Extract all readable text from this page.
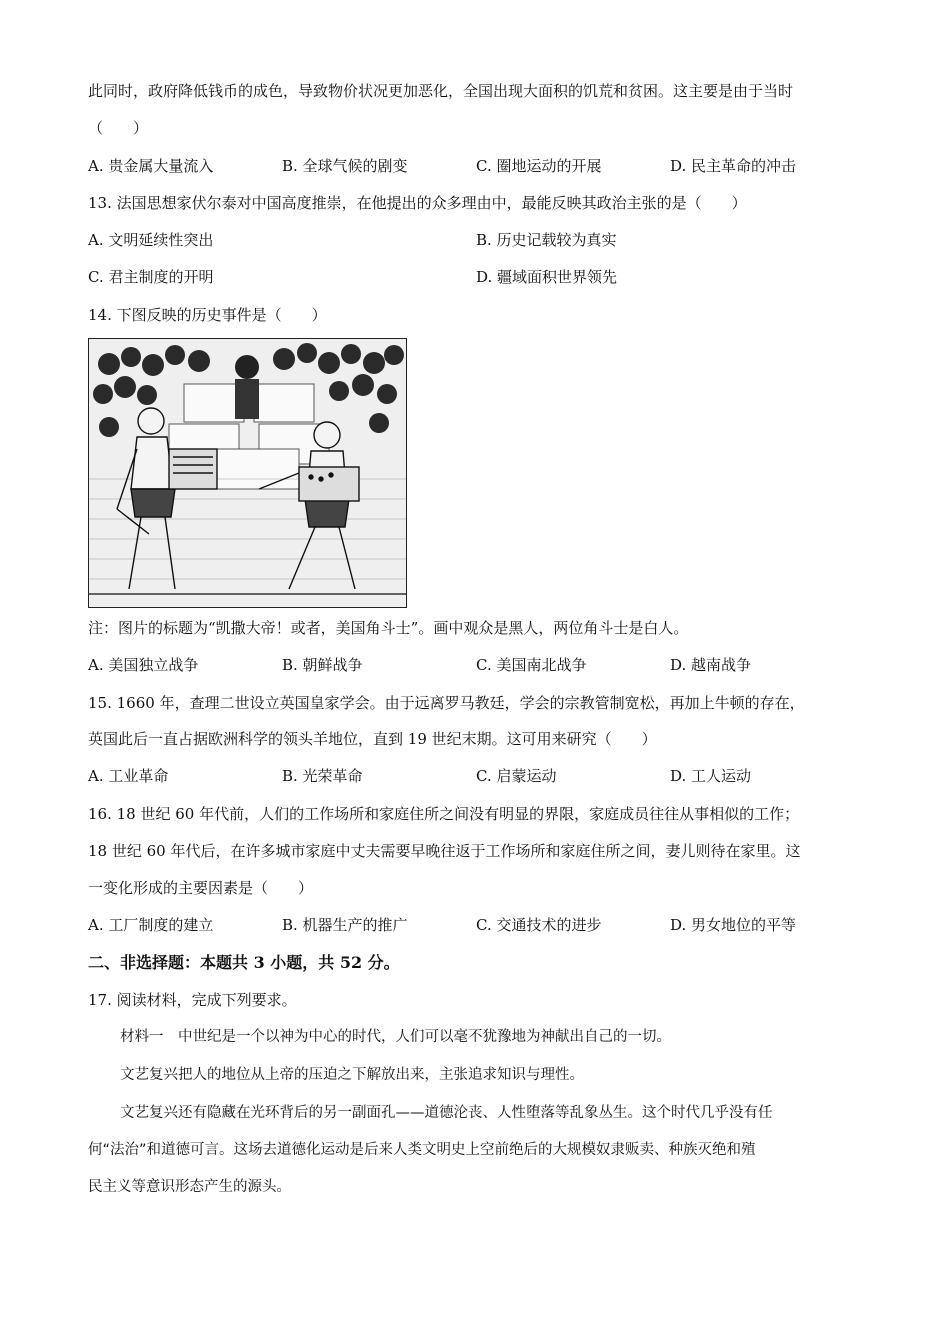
此同时，政府降低钱币的成色，导致物价状况更加恶化，全国出现大面积的饥荒和贫困。这主要是由于当时
（　　）
A. 贵金属大量流入	B. 全球气候的剧变	C. 圈地运动的开展	D. 民主革命的冲击
13. 法国思想家伏尔泰对中国高度推崇，在他提出的众多理由中，最能反映其政治主张的是（　　）
A. 文明延续性突出	B. 历史记载较为真实
C. 君主制度的开明	D. 疆域面积世界领先
14. 下图反映的历史事件是（　　）
注：图片的标题为“凯撒大帝！或者，美国角斗士”。画中观众是黑人，两位角斗士是白人。
A. 美国独立战争	B. 朝鲜战争	C. 美国南北战争	D. 越南战争
15. 1660 年，查理二世设立英国皇家学会。由于远离罗马教廷，学会的宗教管制宽松，再加上牛顿的存在，
英国此后一直占据欧洲科学的领头羊地位，直到 19 世纪末期。这可用来研究（　　）
A. 工业革命	B. 光荣革命	C. 启蒙运动	D. 工人运动
16. 18 世纪 60 年代前，人们的工作场所和家庭住所之间没有明显的界限，家庭成员往往从事相似的工作；
18 世纪 60 年代后，在许多城市家庭中丈夫需要早晚往返于工作场所和家庭住所之间，妻儿则待在家里。这
一变化形成的主要因素是（　　）
A. 工厂制度的建立	B. 机器生产的推广	C. 交通技术的进步	D. 男女地位的平等
二、非选择题：本题共 3 小题，共 52 分。
17. 阅读材料，完成下列要求。
材料一　中世纪是一个以神为中心的时代，人们可以毫不犹豫地为神献出自己的一切。
文艺复兴把人的地位从上帝的压迫之下解放出来，主张追求知识与理性。
文艺复兴还有隐藏在光环背后的另一副面孔——道德沦丧、人性堕落等乱象丛生。这个时代几乎没有任
何“法治”和道德可言。这场去道德化运动是后来人类文明史上空前绝后的大规模奴隶贩卖、种族灭绝和殖
民主义等意识形态产生的源头。
